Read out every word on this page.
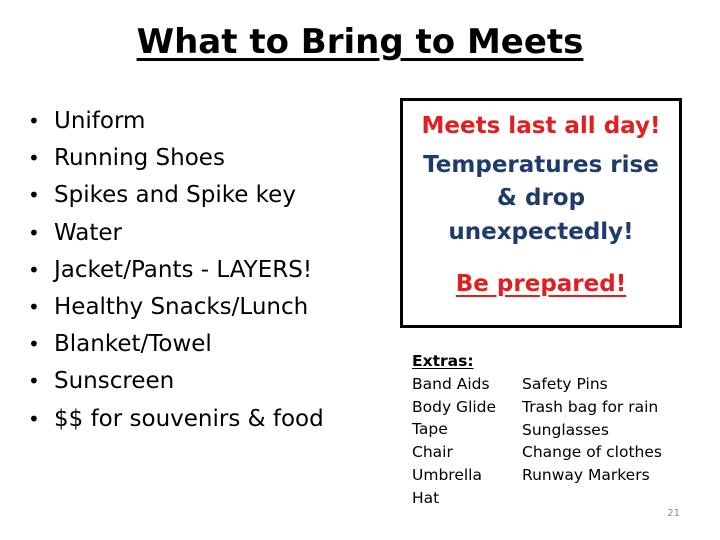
What to Bring to Meets
• Uniform
• Running Shoes
• Spikes and Spike key
• Water
• Jacket/Pants - LAYERS!
• Healthy Snacks/Lunch
• Blanket/Towel
• Sunscreen
• $$ for souvenirs & food
Meets last all day!
Temperatures rise & drop unexpectedly!
Be prepared!
Extras:
Band Aids
Body Glide
Tape
Chair
Umbrella
Hat
Safety Pins
Trash bag for rain
Sunglasses
Change of clothes
Runway Markers
21
